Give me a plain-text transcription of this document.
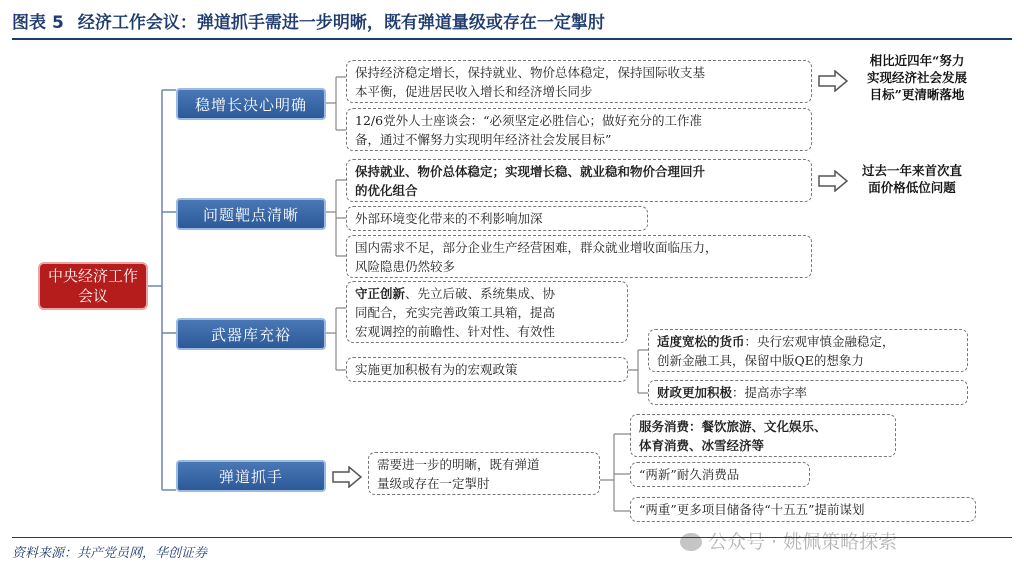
图表 5 经济工作会议：弹道抓手需进一步明晰，既有弹道量级或存在一定掣肘
中央经济工作会议
稳增长决心明确
保持经济稳定增长，保持就业、物价总体稳定，保持国际收支基
本平衡，促进居民收入增长和经济增长同步
12/6党外人士座谈会：“必须坚定必胜信心；做好充分的工作准
备，通过不懈努力实现明年经济社会发展目标”
相比近四年“努力
实现经济社会发展
目标”更清晰落地
问题靶点清晰
保持就业、物价总体稳定；实现增长稳、就业稳和物价合理回升
的优化组合
外部环境变化带来的不利影响加深
国内需求不足，部分企业生产经营困难，群众就业增收面临压力，
风险隐患仍然较多
过去一年来首次直
面价格低位问题
武器库充裕
守正创新、先立后破、系统集成、协
同配合，充实完善政策工具箱，提高
宏观调控的前瞻性、针对性、有效性
实施更加积极有为的宏观政策
适度宽松的货币：央行宏观审慎金融稳定，
创新金融工具，保留中版QE的想象力
财政更加积极：提高赤字率
弹道抓手
需要进一步的明晰，既有弹道
量级或存在一定掣肘
服务消费：餐饮旅游、文化娱乐、
体育消费、冰雪经济等
“两新”耐久消费品
“两重”更多项目储备待“十五五”提前谋划
公众号 · 姚佩策略探索
资料来源：共产党员网，华创证券
